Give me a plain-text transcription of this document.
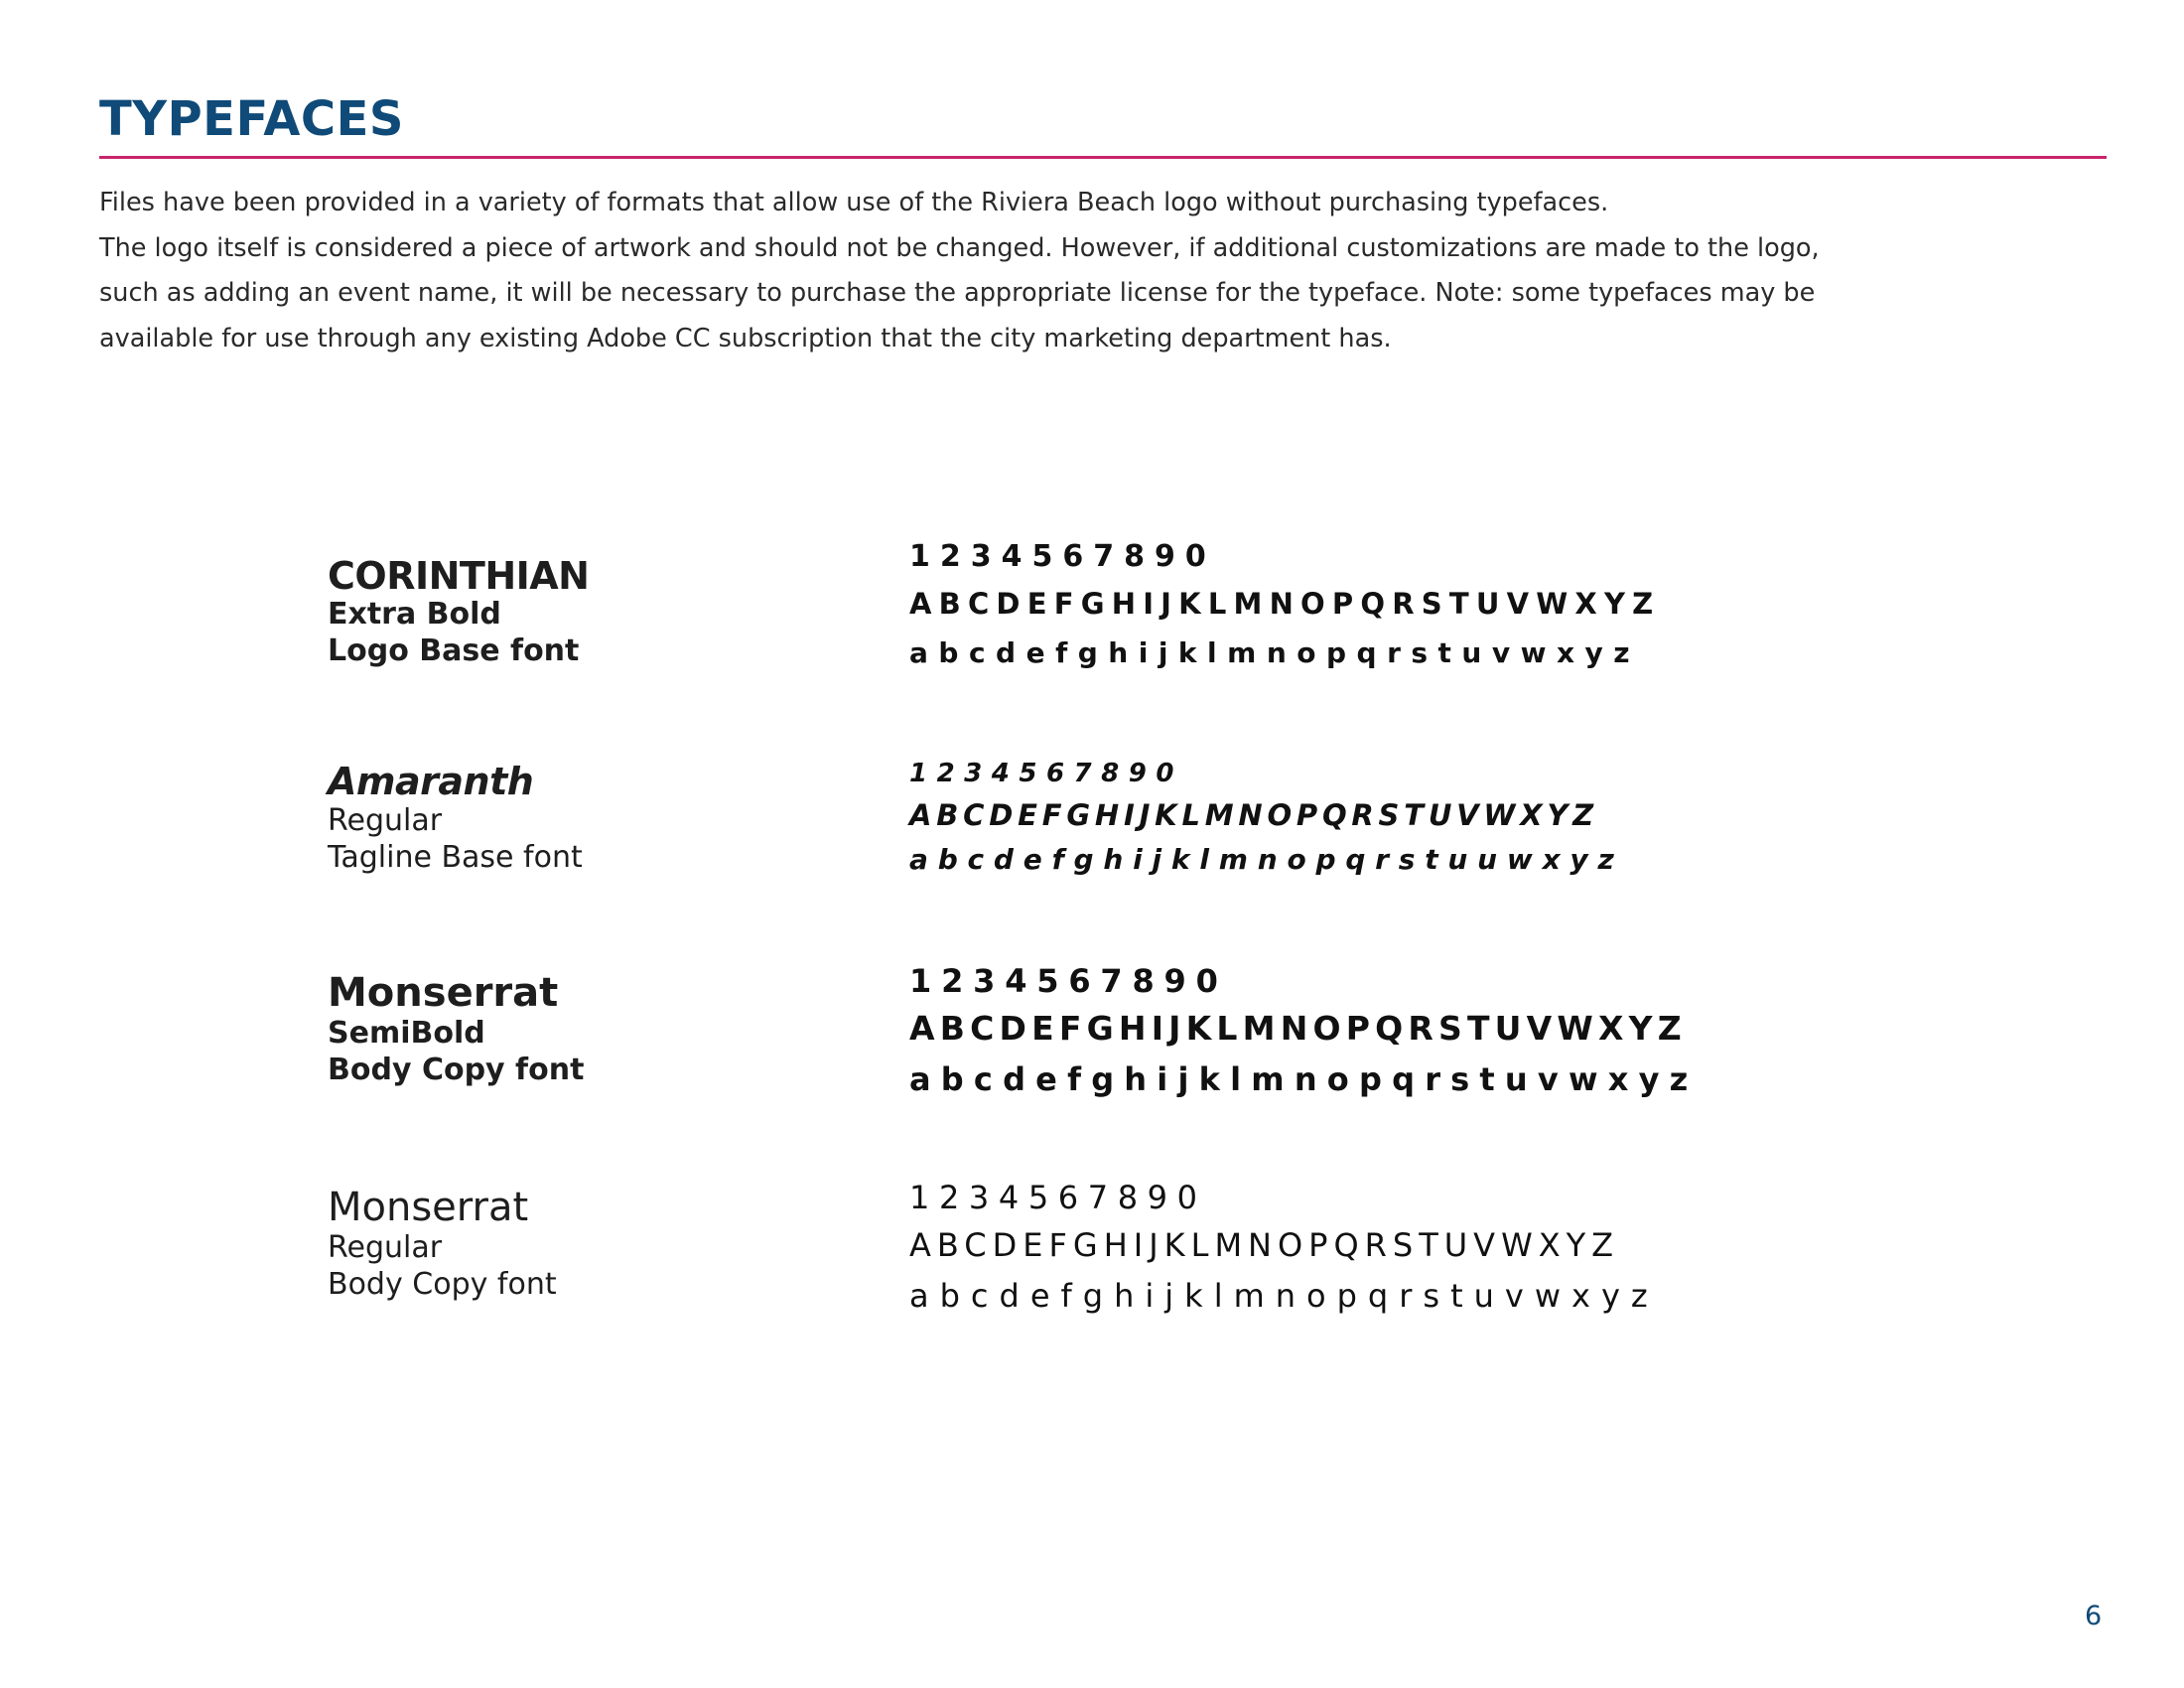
TYPEFACES
Files have been provided in a variety of formats that allow use of the Riviera Beach logo without purchasing typefaces.
The logo itself is considered a piece of artwork and should not be changed. However, if additional customizations are made to the logo,
such as adding an event name, it will be necessary to purchase the appropriate license for the typeface. Note: some typefaces may be
available for use through any existing Adobe CC subscription that the city marketing department has.
CORINTHIAN
Extra Bold
Logo Base font
1234567890
ABCDEFGHIJKLMNOPQRSTUVWXYZ
abcdefghijklmnopqrstuvwxyz
Amaranth
Regular
Tagline Base font
1234567890
ABCDEFGHIJKLMNOPQRSTUVWXYZ
abcdefghijklmnopqrstuuwxyz
Monserrat
SemiBold
Body Copy font
1234567890
ABCDEFGHIJKLMNOPQRSTUVWXYZ
abcdefghijklmnopqrstuvwxyz
Monserrat
Regular
Body Copy font
1234567890
ABCDEFGHIJKLMNOPQRSTUVWXYZ
abcdefghijklmnopqrstuvwxyz
6
